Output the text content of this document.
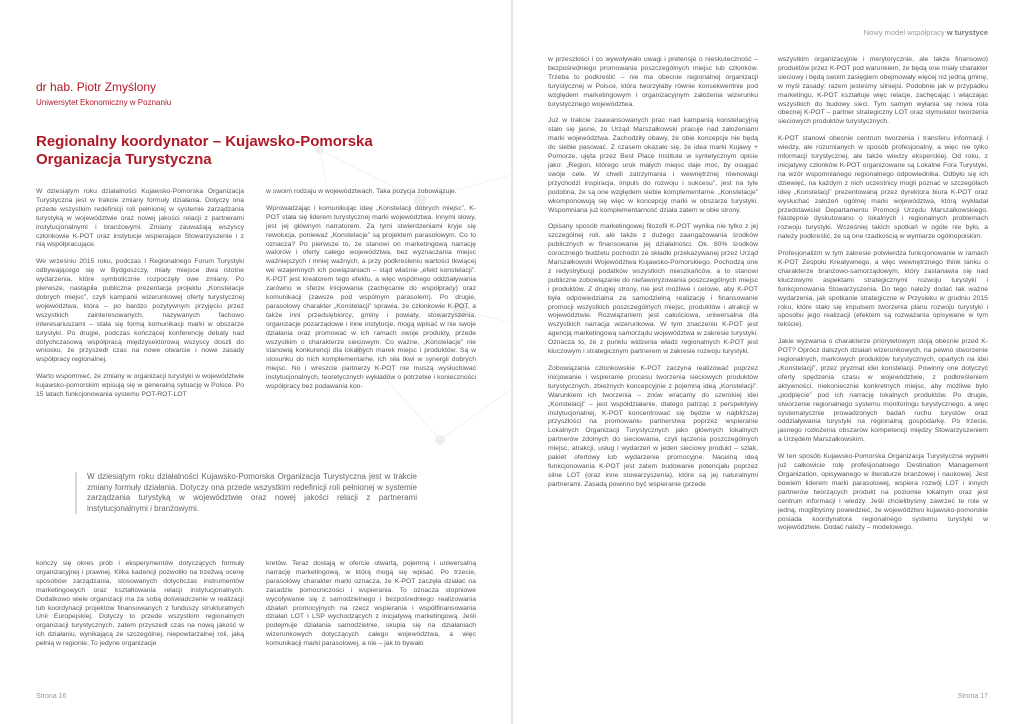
dr hab. Piotr Zmyślony
Uniwersytet Ekonomiczny w Poznaniu
Regionalny koordynator – Kujawsko-Pomorska Organizacja Turystyczna

W dziesiątym roku działalności Kujawsko-Pomorska Organizacja Turystyczna jest w trakcie zmiany formuły działania. Dotyczy ona przede wszystkim redefinicji roli pełnionej w systemie zarządzania turystyką w województwie oraz nowej jakości relacji z partnerami instytucjonalnymi i branżowymi. Zmiany zauważają wszyscy członkowie K-POT oraz instytucje wspierające Stowarzyszenie i z nią współpracujące.

We wrześniu 2015 roku, podczas I Regionalnego Forum Turystyki odbywającego się w Bydgoszczy, miały miejsce dwa istotne wydarzenia, które symbolicznie rozpoczęły owe zmiany. Po pierwsze, nastąpiła publiczna prezentacja projektu „Konstelacje dobrych miejsc”, czyli kampanii wizerunkowej oferty turystycznej województwa, która – po bardzo pozytywnym przyjęciu przez wszystkich zainteresowanych, nazywanych fachowo interesariuszami – stała się formą komunikacji marki w obszarze turystyki. Po drugie, podczas kończącej konferencję debaty nad dotychczasową współpracą międzysektorową wszyscy doszli do wniosku, że przyszedł czas na nowe otwarcie i nowe zasady współpracy regionalnej.

Warto wspomnieć, że zmiany w organizacji turystyki w województwie kujawsko-pomorskim wpisują się w generalną sytuację w Polsce. Po 15 latach funkcjonowania systemu POT-ROT-LOT

w swoim rodzaju w województwach. Taka pozycja zobowiązuje.

Wprowadzając i komunikując ideę „Konstelacji dobrych miejsc”, K-POT stała się liderem turystycznej marki województwa. Innymi słowy, jest jej głównym narratorem. Za tymi stwierdzeniami kryje się rewolucja, ponieważ „Konstelacje” są projektem parasolowym. Co to oznacza? Po pierwsze to, że stanowi on marketingową narrację walorów i oferty całego województwa, bez wyznaczania miejsc ważniejszych i mniej ważnych, a przy podkreśleniu wartości tkwiącej we wzajemnych ich powiązaniach – stąd właśnie „efekt konstelacji”. K-POT jest kreatorem tego efektu, a więc wspólnego oddziaływania zarówno w sferze inicjowania (zachęcanie do współpracy) oraz komunikacji (zawsze pod wspólnym parasolem). Po drugie, parasolowy charakter „Konstelacji” sprawia, że członkowie K-POT, a także inni przedsiębiorcy, gminy i powiaty, stowarzyszenia, organizacje pozarządowe i inne instytucje, mogą wpisać w nie swoje działania oraz promować w ich ramach swoje produkty, przede wszystkim o charakterze sieciowym. Co ważne, „Konstelacje” nie stanowią konkurencji dla lokalnych marek miejsc i produktów. Są w stosunku do nich komplementarne, ich siła tkwi w synergii dobrych miejsc. No i wreszcie partnerzy K-POT nie muszą wysłuchiwać instytucjonalnych, teoretycznych wykładów o potrzebie i konieczności współpracy bez podawania kon-

W dziesiątym roku działalności Kujawsko-Pomorska Organizacja Turystyczna jest w trakcie zmiany formuły działania. Dotyczy ona przede wszystkim redefinicji roli pełnionej w systemie zarządzania turystyką w województwie oraz nowej jakości relacji z partnerami instytucjonalnymi i branżowymi.

kończy się okres prób i eksperymentów dotyczących formuły organizacyjnej i prawnej. Kilka kadencji pozwoliło na trzeźwą ocenę sposobów zarządzania, stosowanych dotychczas instrumentów marketingowych oraz kształtowania relacji instytucjonalnych. Dodatkowo wiele organizacji ma za sobą doświadczenie w realizacji lub koordynacji projektów finansowanych z funduszy strukturalnych Unii Europejskiej. Dotyczy to przede wszystkim regionalnych organizacji turystycznych, zatem przyszedł czas na nową jakość w ich działaniu, wynikającą ze szczególnej, niepowtarzalnej roli, jaką pełnią w regionie. To jedyne organizacje

kretów. Teraz dostają w ofercie otwartą, pojemną i uniwersalną narrację marketingową, w którą mogą się wpisać. Po trzecie, parasolowy charakter marki oznacza, że K-POT zaczęła działać na zasadzie pomocniczości i wspierania. To oznacza stopniowe wycofywanie się z samodzielnego i bezpośredniego realizowania działań promocyjnych na rzecz wspierania i współfinansowania działań LOT i LSP wychodzących z inicjatywą marketingową. Jeśli podejmuje działania samodzielnie, skupia się na działaniach wizerunkowych dotyczących całego województwa, a więc komunikacji marki parasolowej, a nie – jak to bywało

Strona 16
Nowy model współpracy w turystyce

w przeszłości i co wywoływało uwagi i pretensje o nieskuteczność – bezpośredniego promowania poszczególnych miejsc lub członków. Trzeba to podkreślić – nie ma obecnie regionalnej organizacji turystycznej w Polsce, która tworzyłaby równie konsekwentnie pod względem marketingowym i organizacyjnym założenia wizerunku turystycznego województwa.

Już w trakcie zaawansowanych prac nad kampanią konstelacyjną stało się jasne, że Urząd Marszałkowski pracuje nad założeniami marki województwa. Zachodziły obawy, że obie koncepcje nie będą do siebie pasować. Z czasem okazało się, że idea marki Kujawy + Pomorze, ujęta przez Best Place Institute w syntetycznym opisie jako: „Region, którego urok małych miejsc daje moc, by osiągać swoje cele. W chwili zatrzymania i wewnętrznej równowagi przychodzi inspiracja, impuls do rozwoju i sukcesu”, jest na tyle podobna, że są one względem siebie komplementarne. „Konstelacje” wkomponowują się więc w koncepcję marki w obszarze turystyki. Wspomniana już komplementarność działa zatem w obie strony.

Opisany sposób marketingowej filozofii K-POT wynika nie tylko z jej szczególnej roli, ale także z dużego zaangażowania środków publicznych w finansowanie jej działalności. Ok. 80% środków corocznego budżetu pochodzi ze składki przekazywanej przez Urząd Marszałkowski Województwa Kujawsko-Pomorskiego. Pochodzą one z redystrybucji podatków wszystkich mieszkańców, a to stanowi publiczne zobowiązanie do niefaworyzowania poszczególnych miejsc i produktów. Z drugiej strony, nie jest możliwe i celowe, aby K-POT była odpowiedzialna za samodzielną realizację i finansowanie promocji wszystkich poszczególnych miejsc, produktów i atrakcji w województwie. Rozwiązaniem jest całościowa, uniwersalna dla wszystkich narracja wizerunkowa. W tym znaczeniu K-POT jest agencją marketingową samorządu województwa w zakresie turystyki. Oznacza to, że z punktu widzenia władz regionalnych K-POT jest kluczowym i strategicznym partnerem w zakresie rozwoju turystyki.

Zobowiązania członkowskie K-POT zaczyna realizować poprzez inicjowanie i wspieranie procesu tworzenia sieciowych produktów turystycznych, zbieżnych koncepcyjnie z pojemną ideą „Konstelacji”. Warunkiem ich tworzenia – znów wracamy do szerokiej idei „Konstelacji” – jest współdziałanie, dlatego patrząc z perspektywy instytucjonalnej, K-POT koncentrować się będzie w najbliższej przyszłości na promowaniu partnerstwa poprzez wspieranie Lokalnych Organizacji Turystycznych jako głównych lokalnych partnerów zdolnych do sieciowania, czyli łączenia poszczególnych miejsc, atrakcji, usług i wydarzeń w jeden sieciowy produkt – szlak, pakiet ofertowy lub wydarzenie promocyjne. Nacelną ideą funkcjonowania K-POT jest zatem budowanie potencjału poprzez silne LOT (oraz inne stowarzyszenia), które są jej naturalnymi partnerami. Zasadą powinno być wspieranie (przede

wszystkim organizacyjnie i merytorycznie, ale także finansowo) produktów przez K-POT pod warunkiem, że będą one miały charakter sieciowy i będą swoim zasięgiem obejmowały więcej niż jedną gminę, w myśl zasady: razem jesteśmy silniejsi. Podobnie jak w przypadku marketingu, K-POT kształtuje więc relacje, zachęcając i włączając wszystkich do budowy sieci. Tym samym wyłania się nowa rola obecnej K-POT – partner strategiczny LOT oraz stymulator tworzenia sieciowych produktów turystycznych.

K-POT stanowi obecnie centrum tworzenia i transferu informacji i wiedzy, ale rozumianych w sposób profesjonalny, a więc nie tylko informacji turystycznej, ale także wiedzy eksperckiej. Od roku, z inicjatywy członków K-POT organizowane są Lokalne Fora Turystyki, na wzór wspomnianego regionalnego odpowiednika. Odbyło się ich dziewięć, na każdym z nich uczestnicy mogli poznać w szczegółach ideę „Konstelacji” prezentowaną przez dyrektora biura K-POT oraz wysłuchać założeń ogólnej marki województwa, którą wykładał przedstawiciel Departamentu Promocji Urzędu Marszałkowskiego. Następnie dyskutowano o lokalnych i regionalnych problemach rozwoju turystyki. Wcześniej takich spotkań w ogóle nie było, a należy podkreślić, że są one rzadkością w wymiarze ogólnopolskim.

Profesjonalizm w tym zakresie potwierdza funkcjonowanie w ramach K-POT Zespołu Kreatywnego, a więc wewnętrznego think tanku o charakterze branżowo-samorządowym, który zastanawia się nad kluczowymi aspektami strategicznymi rozwoju turystyki i funkcjonowania Stowarzyszenia. Do tego należy dodać tak ważne wydarzenia, jak spotkanie strategiczne w Przysieku w grudniu 2015 roku, które stało się impulsem tworzenia planu rozwoju turystyki i sposobu jego realizacji (efektem są rozważania opisywane w tym tekście).

Jakie wyzwania o charakterze priorytetowym stoją obecnie przed K-POT? Oprócz dalszych działań wizerunkowych, na pewno stworzenie regionalnych, markowych produktów turystycznych, opartych na idei „Konstelacji”, przez pryzmat idei konstelacji. Powinny one dotyczyć oferty spędzenia czasu w województwie, z podkreśleniem aktywności, niekoniecznie konkretnych miejsc, aby możliwe było „podpięcie” pod ich narrację lokalnych produktów. Po drugie, stworzenie regionalnego systemu monitoringu turystycznego, a więc systematycznie prowadzonych badań ruchu turystów oraz oddziaływania turystyki na regionalną gospodarkę. Po trzecie, jasnego rozłożenia obszarów kompetencji między Stowarzyszeniem a Urzędem Marszałkowskim.

W ten sposób Kujawsko-Pomorska Organizacja Turystyczna wypełni już całkowicie rolę profesjonalnego Destination Management Organization, opisywanego w literaturze branżowej i naukowej. Jest bowiem liderem marki parasolowej, wspiera rozwój LOT i innych partnerów tworzących produkt na poziomie lokalnym oraz jest centrum informacji i wiedzy. Jeśli chcielibyśmy zawrzeć te role w jedną, moglibyśmy powiedzieć, że województwo kujawsko-pomorskie posiada koordynatora regionalnego systemu turystyki w województwie. Dodać należy – modelowego.

Strona 17
